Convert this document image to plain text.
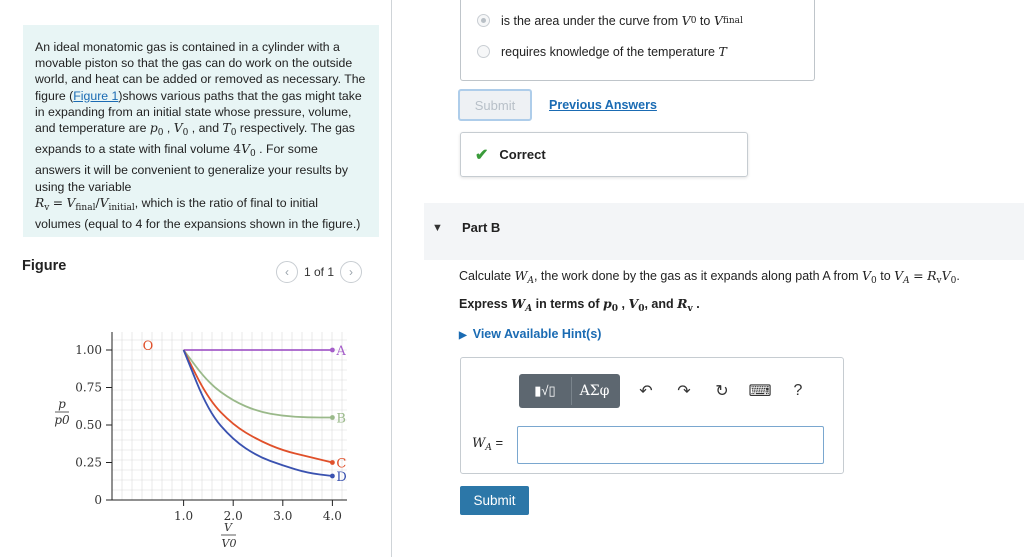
An ideal monatomic gas is contained in a cylinder with a movable piston so that the gas can do work on the outside world, and heat can be added or removed as necessary. The figure (Figure 1)shows various paths that the gas might take in expanding from an initial state whose pressure, volume, and temperature are $p_0$ , $V_0$ , and $T_0$ respectively. The gas expands to a state with final volume $4V_0$ . For some answers it will be convenient to generalize your results by using the variable
$R_v = V_{final}/V_{initial}$, which is the ratio of final to initial volumes (equal to 4 for the expansions shown in the figure.)
Figure	‹	1 of 1	›
1.00
0.75
0.50
0.25
0
1.0	2.0	3.0	4.0
p
p0
V
V0
O	A
B
C
D
is the area under the curve from
V 0
to
V final
requires knowledge of the temperature
T
Submit	Previous Answers
✔ Correct
▼ Part B
Calculate $W_A$, the work done by the gas as it expands along path A from $V_0$ to $V_A = R_vV_0$.
Express $W_A$ in terms of $p_0$ , $V_0$, and $R_v$ .
▶ View Available Hint(s)
▮√▯	ΑΣφ	↶	↷	↻	⌨	?
$W_A$ =
Submit
